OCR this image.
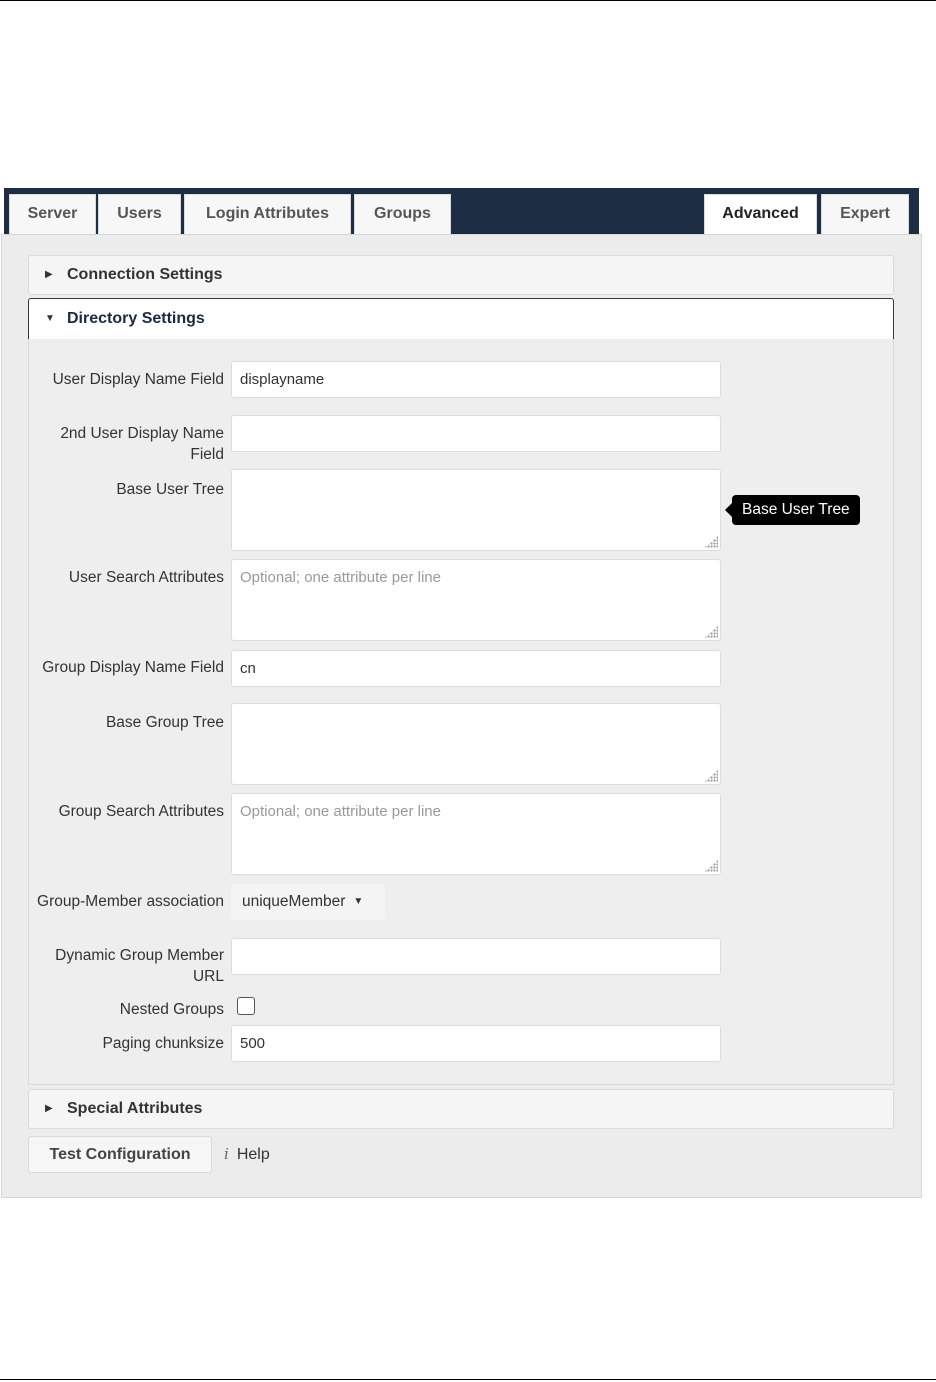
Server	Users	Login Attributes	Groups	Advanced	Expert
▶ Connection Settings
▼ Directory Settings
User Display Name Field	displayname
2nd User Display Name Field
Base User Tree
Base User Tree
User Search Attributes	Optional; one attribute per line
Group Display Name Field	cn
Base Group Tree
Group Search Attributes	Optional; one attribute per line
Group-Member association	uniqueMember ▼
Dynamic Group Member URL
Nested Groups
Paging chunksize	500
▶ Special Attributes
Test Configuration	i Help
